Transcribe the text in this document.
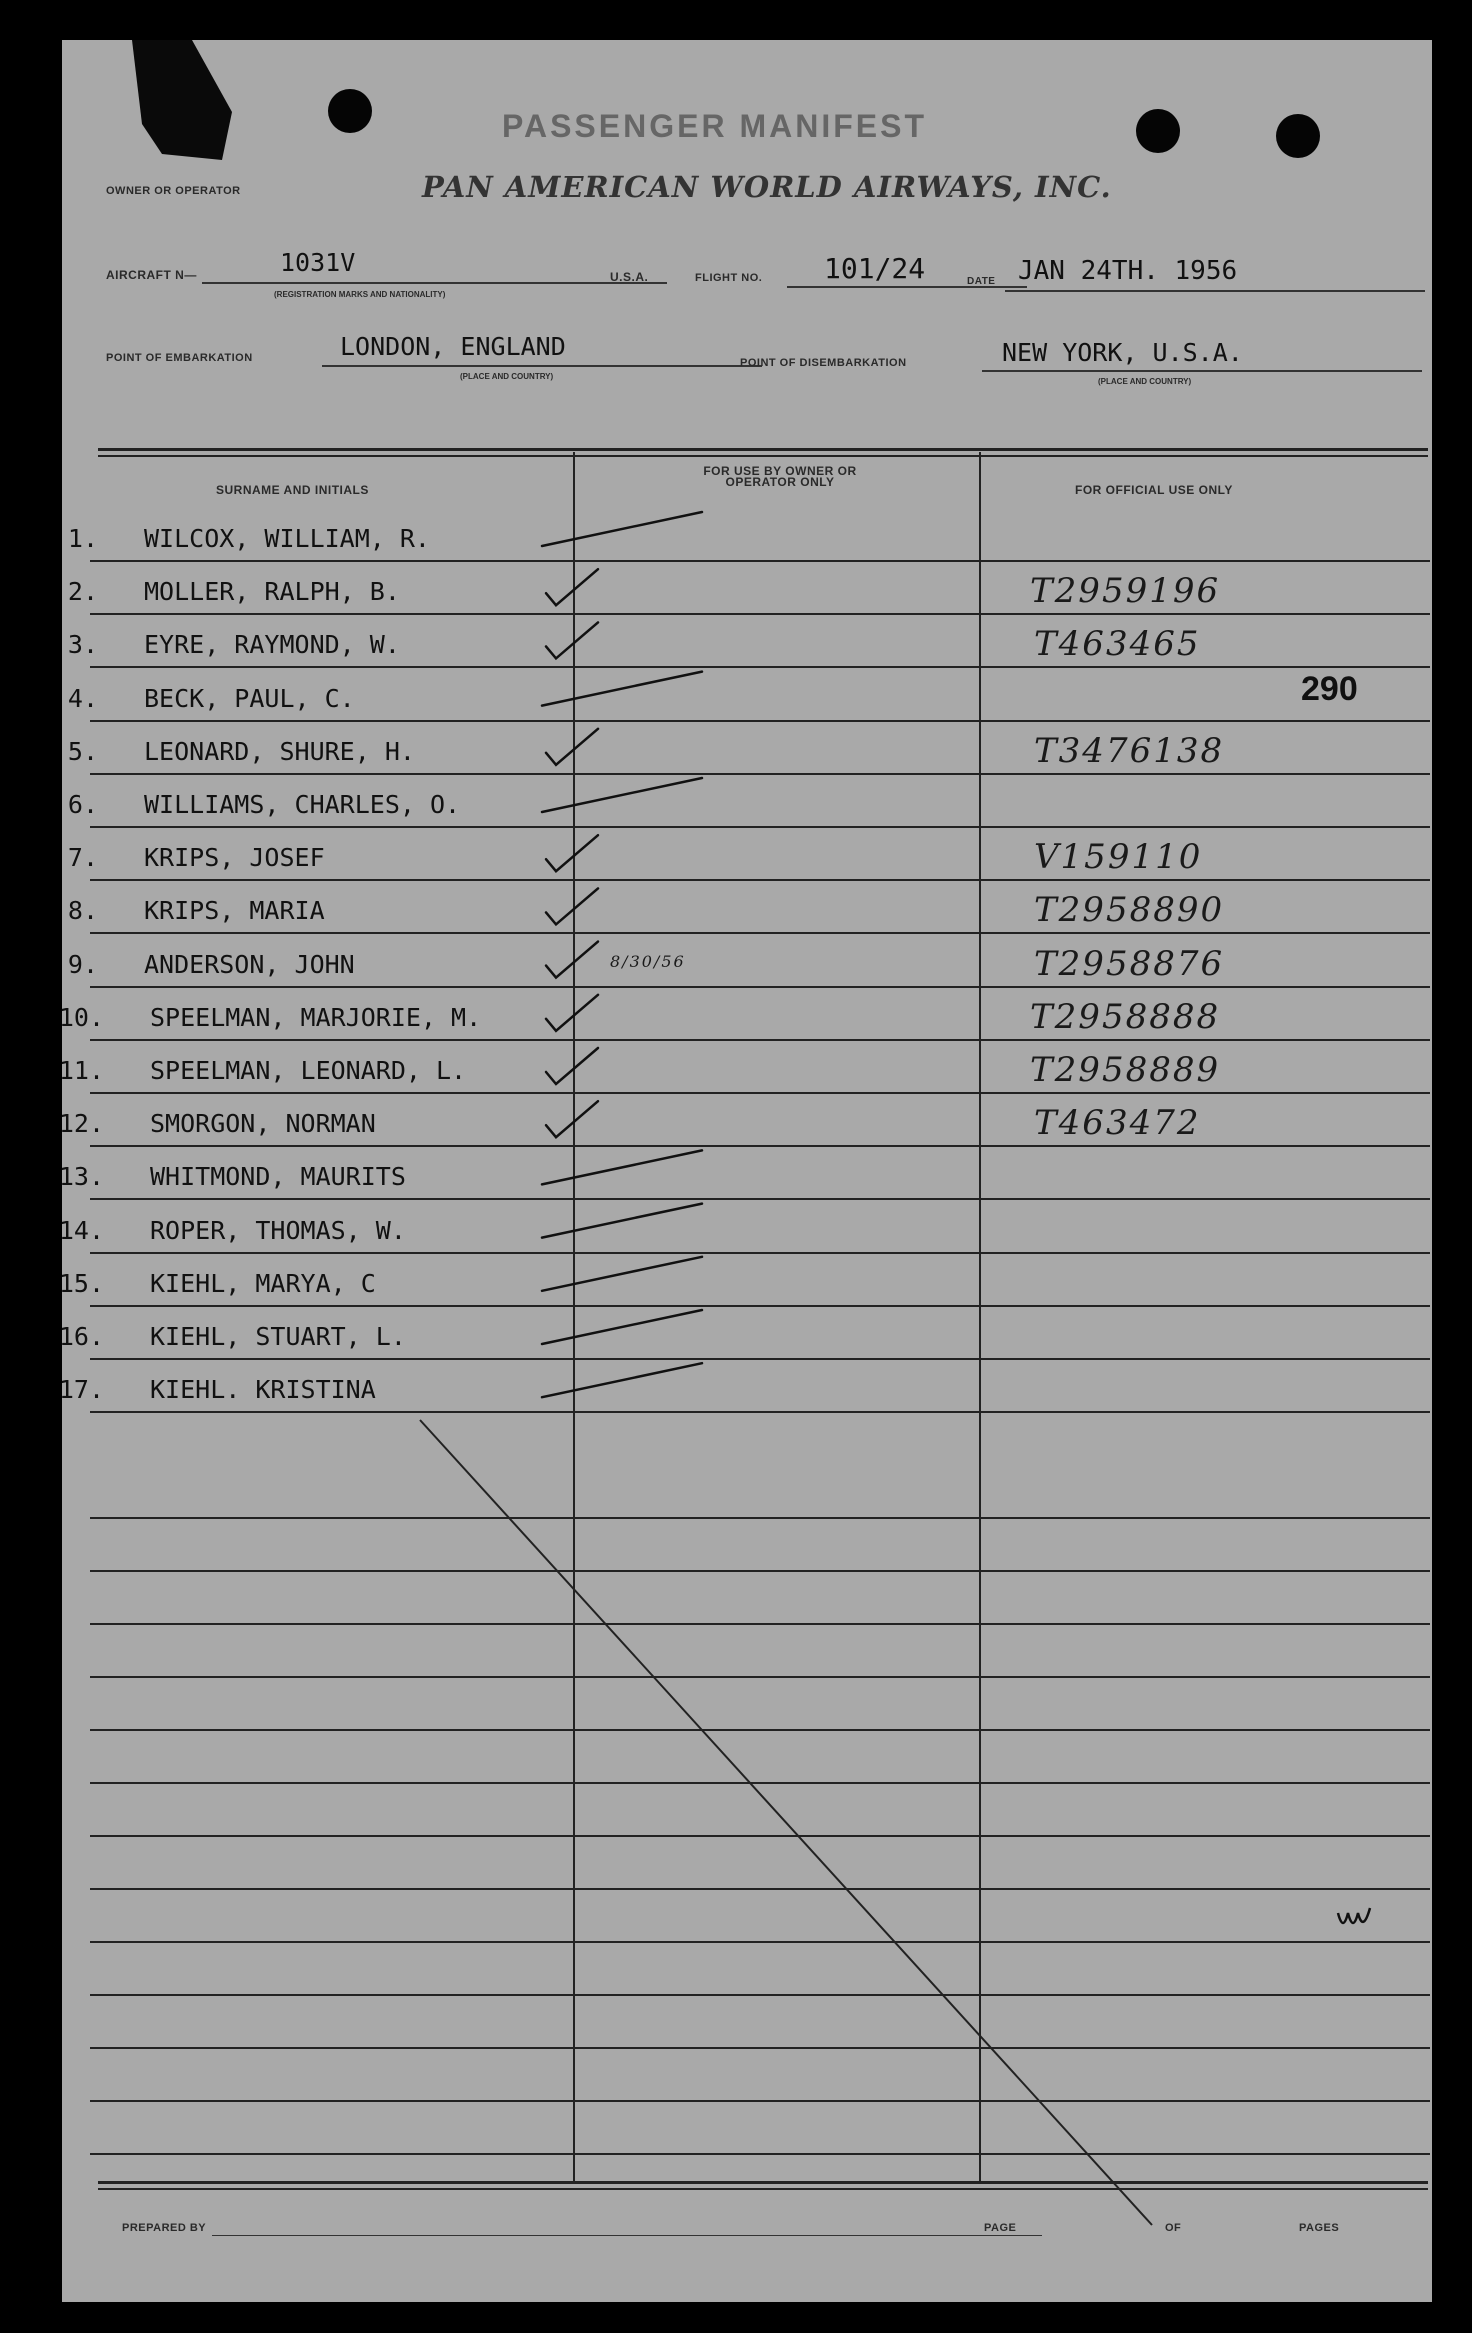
PASSENGER MANIFEST
OWNER OR OPERATOR	PAN AMERICAN WORLD AIRWAYS, INC.
AIRCRAFT N—	1031V
(REGISTRATION MARKS AND NATIONALITY)
U.S.A.	FLIGHT NO. 101/24	DATE JAN 24TH. 1956
POINT OF EMBARKATION	LONDON, ENGLAND
(PLACE AND COUNTRY)
POINT OF DISEMBARKATION	NEW YORK, U.S.A.
(PLACE AND COUNTRY)
SURNAME AND INITIALS
FOR USE BY OWNER OR OPERATOR ONLY
FOR OFFICIAL USE ONLY
1. WILCOX, WILLIAM, R.
2. MOLLER, RALPH, B.	T2959196
3. EYRE, RAYMOND, W.	T463465
4. BECK, PAUL, C.
5. LEONARD, SHURE, H.	T3476138
6. WILLIAMS, CHARLES, O.
7. KRIPS, JOSEF	V159110
8. KRIPS, MARIA	T2958890
9. ANDERSON, JOHN	T2958876
8/30/56
10. SPEELMAN, MARJORIE, M.	T2958888
11. SPEELMAN, LEONARD, L.	T2958889
12. SMORGON, NORMAN	T463472
13. WHITMOND, MAURITS
14. ROPER, THOMAS, W.
15. KIEHL, MARYA, C
16. KIEHL, STUART, L.
17. KIEHL. KRISTINA
290
PREPARED BY	PAGE	OF	PAGES
